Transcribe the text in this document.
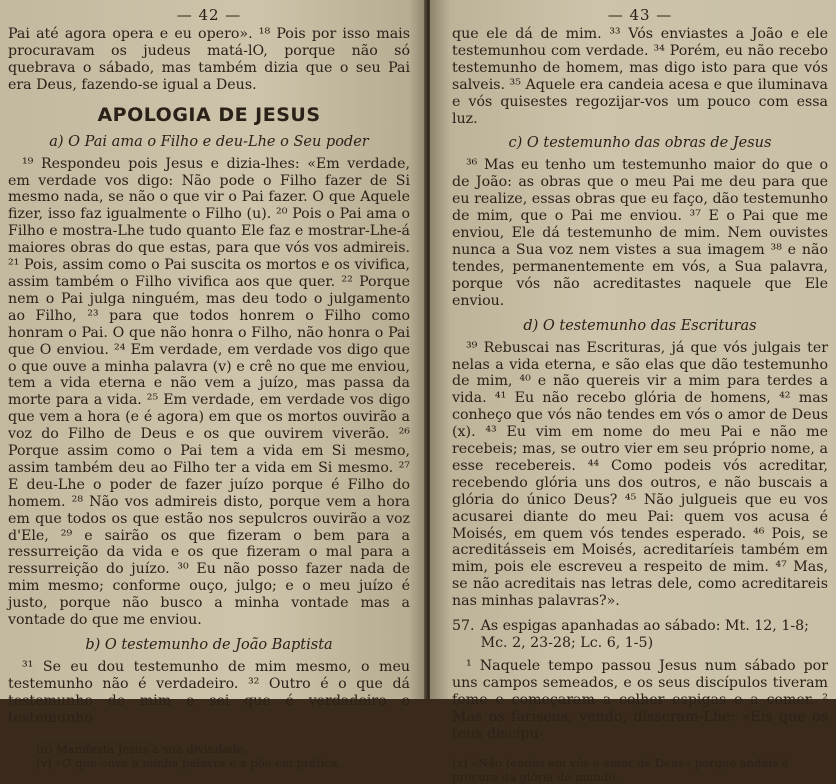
— 42 —

Pai até agora opera e eu opero». ¹⁸ Pois por isso mais procuravam os judeus matá-lO, porque não só quebrava o sábado, mas também dizia que o seu Pai era Deus, fazendo-se igual a Deus.

APOLOGIA DE JESUS
a) O Pai ama o Filho e deu-Lhe o Seu poder

¹⁹ Respondeu pois Jesus e dizia-lhes: «Em verdade, em verdade vos digo: Não pode o Filho fazer de Si mesmo nada, se não o que vir o Pai fazer. O que Aquele fizer, isso faz igualmente o Filho (u). ²⁰ Pois o Pai ama o Filho e mostra-Lhe tudo quanto Ele faz e mostrar-Lhe-á maiores obras do que estas, para que vós vos admireis. ²¹ Pois, assim como o Pai suscita os mortos e os vivifica, assim também o Filho vivifica aos que quer. ²² Porque nem o Pai julga ninguém, mas deu todo o julgamento ao Filho, ²³ para que todos honrem o Filho como honram o Pai. O que não honra o Filho, não honra o Pai que O enviou. ²⁴ Em verdade, em verdade vos digo que o que ouve a minha palavra (v) e crê no que me enviou, tem a vida eterna e não vem a juízo, mas passa da morte para a vida. ²⁵ Em verdade, em verdade vos digo que vem a hora (e é agora) em que os mortos ouvirão a voz do Filho de Deus e os que ouvirem viverão. ²⁶ Porque assim como o Pai tem a vida em Si mesmo, assim também deu ao Filho ter a vida em Si mesmo. ²⁷ E deu-Lhe o poder de fazer juízo porque é Filho do homem. ²⁸ Não vos admireis disto, porque vem a hora em que todos os que estão nos sepulcros ouvirão a voz d'Ele, ²⁹ e sairão os que fizeram o bem para a ressurreição da vida e os que fizeram o mal para a ressurreição do juízo. ³⁰ Eu não posso fazer nada de mim mesmo; conforme ouço, julgo; e o meu juízo é justo, porque não busco a minha vontade mas a vontade do que me enviou.

b) O testemunho de João Baptista

³¹ Se eu dou testemunho de mim mesmo, o meu testemunho não é verdadeiro. ³² Outro é o que dá testemunho de mim e sei que é verdadeiro o testemunho

(u) Manifesta Jesus a sua divindade.
(v) «O que ouve a minha palavra e a põe em prática.
— 43 —

que ele dá de mim. ³³ Vós enviastes a João e ele testemunhou com verdade. ³⁴ Porém, eu não recebo testemunho de homem, mas digo isto para que vós salveis. ³⁵ Aquele era candeia acesa e que iluminava e vós quisestes regozijar-vos um pouco com essa luz.

c) O testemunho das obras de Jesus

³⁶ Mas eu tenho um testemunho maior do que o de João: as obras que o meu Pai me deu para que eu realize, essas obras que eu faço, dão testemunho de mim, que o Pai me enviou. ³⁷ E o Pai que me enviou, Ele dá testemunho de mim. Nem ouvistes nunca a Sua voz nem vistes a sua imagem ³⁸ e não tendes, permanentemente em vós, a Sua palavra, porque vós não acreditastes naquele que Ele enviou.

d) O testemunho das Escrituras

³⁹ Rebuscai nas Escrituras, já que vós julgais ter nelas a vida eterna, e são elas que dão testemunho de mim, ⁴⁰ e não quereis vir a mim para terdes a vida. ⁴¹ Eu não recebo glória de homens, ⁴² mas conheço que vós não tendes em vós o amor de Deus (x). ⁴³ Eu vim em nome do meu Pai e não me recebeis; mas, se outro vier em seu próprio nome, a esse recebereis. ⁴⁴ Como podeis vós acreditar, recebendo glória uns dos outros, e não buscais a glória do único Deus? ⁴⁵ Não julgueis que eu vos acusarei diante do meu Pai: quem vos acusa é Moisés, em quem vós tendes esperado. ⁴⁶ Pois, se acreditásseis em Moisés, acreditaríeis também em mim, pois ele escreveu a respeito de mim. ⁴⁷ Mas, se não acreditais nas letras dele, como acreditareis nas minhas palavras?».

57. As espigas apanhadas ao sábado: Mt. 12, 1-8; Mc. 2, 23-28; Lc. 6, 1-5)

¹ Naquele tempo passou Jesus num sábado por uns campos semeados, e os seus discípulos tiveram fome e começaram a colher espigas e a comer. ² Mas os fariseus, vendo, disseram-Lhe: «Eis que os teus discípu-

(x) «Não tendes em vós o amor de Deus» porque andais à procura da glória do mundo.
